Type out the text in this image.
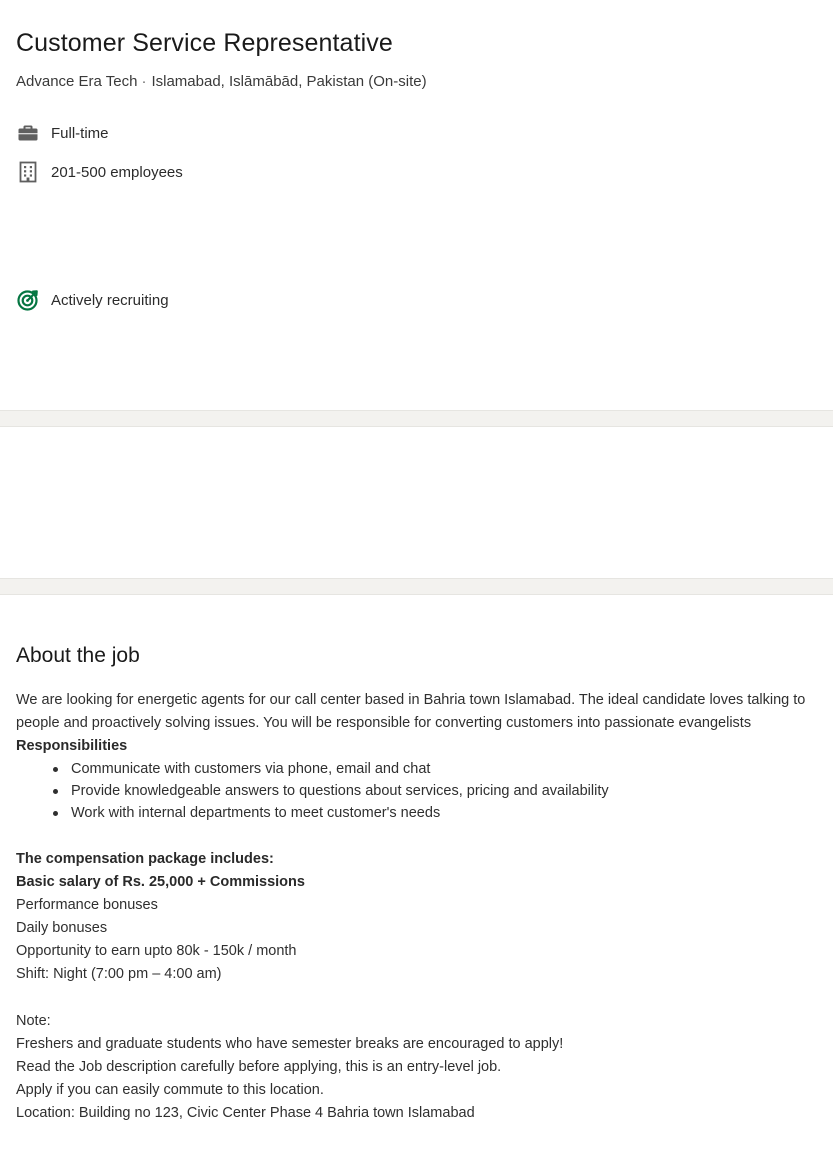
Customer Service Representative
Advance Era Tech · Islamabad, Islāmābād, Pakistan (On-site)
Full-time
201-500 employees
Actively recruiting
About the job
We are looking for energetic agents for our call center based in Bahria town Islamabad. The ideal candidate loves talking to people and proactively solving issues. You will be responsible for converting customers into passionate evangelists
Responsibilities
Communicate with customers via phone, email and chat
Provide knowledgeable answers to questions about services, pricing and availability
Work with internal departments to meet customer's needs
The compensation package includes:
Basic salary of Rs. 25,000 + Commissions
Performance bonuses
Daily bonuses
Opportunity to earn upto 80k - 150k / month
Shift: Night (7:00 pm – 4:00 am)
Note:
Freshers and graduate students who have semester breaks are encouraged to apply!
Read the Job description carefully before applying, this is an entry-level job.
Apply if you can easily commute to this location.
Location: Building no 123, Civic Center Phase 4 Bahria town Islamabad
